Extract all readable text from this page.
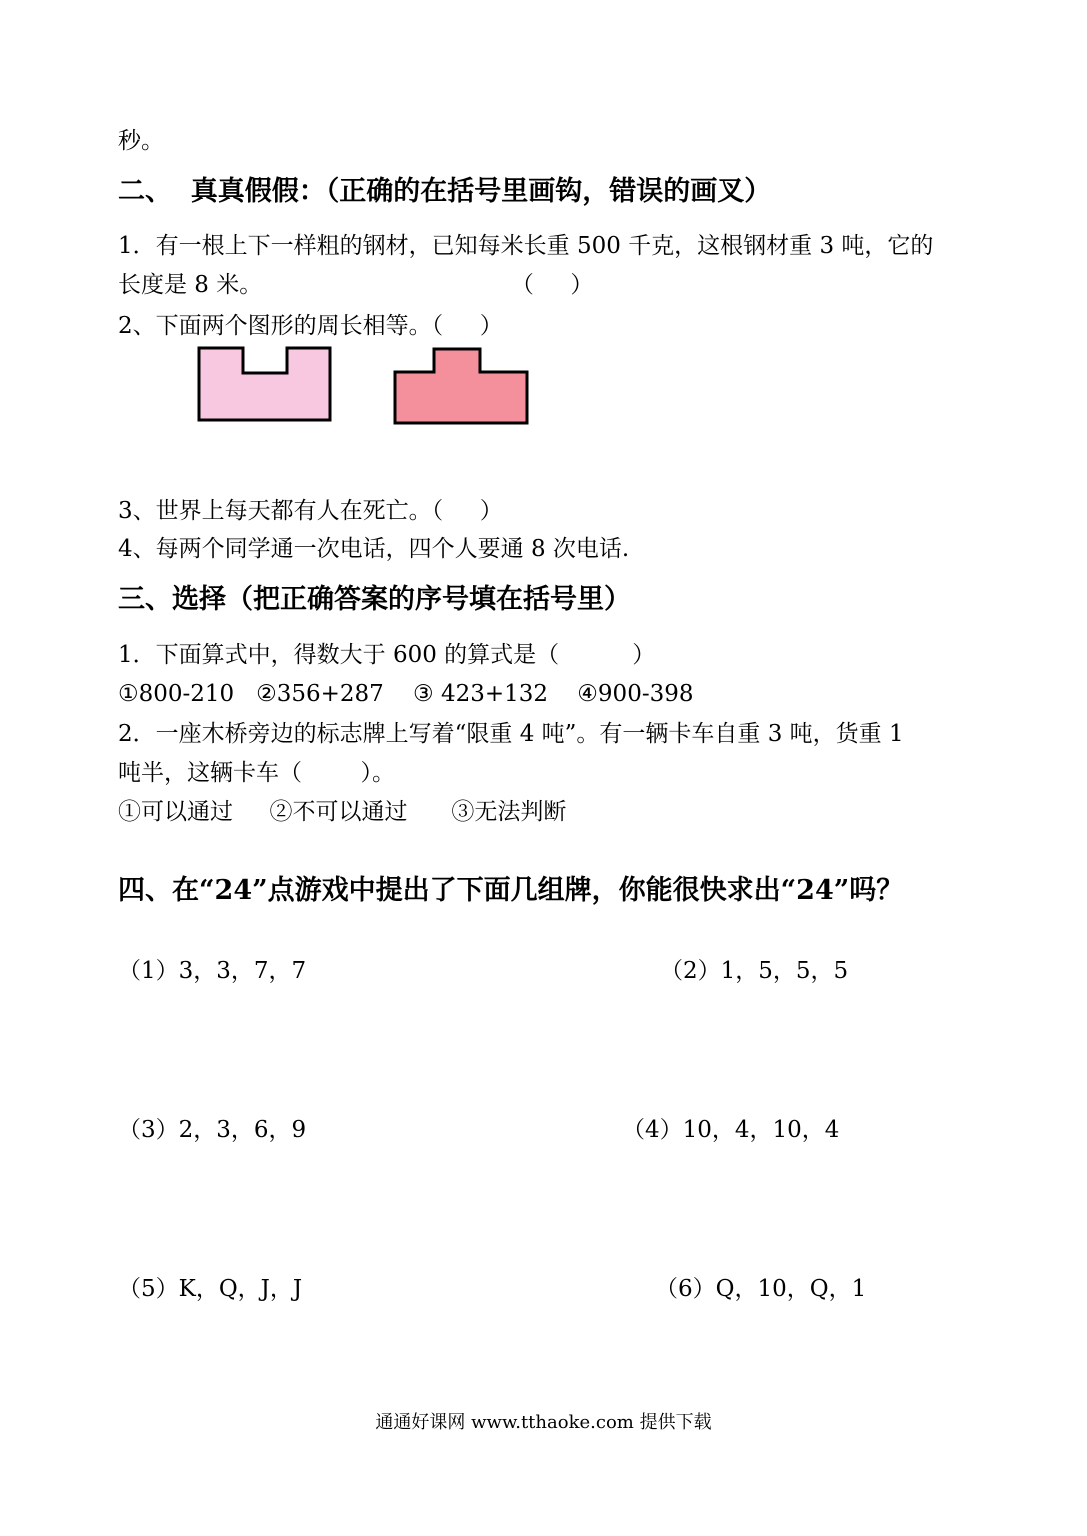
秒。
二、  真真假假：（正确的在括号里画钩，错误的画叉）
1．有一根上下一样粗的钢材，已知每米长重 500 千克，这根钢材重 3 吨，它的
长度是 8 米。                                  （     ）
2、下面两个图形的周长相等。（     ）
3、世界上每天都有人在死亡。（     ）
4、每两个同学通一次电话，四个人要通 8 次电话.
三、选择（把正确答案的序号填在括号里）
1．下面算式中，得数大于 600 的算式是（          ）
①800-210   ②356+287    ③ 423+132    ④900-398
2．一座木桥旁边的标志牌上写着“限重 4 吨”。有一辆卡车自重 3 吨，货重 1
吨半，这辆卡车（        ）。
①可以通过     ②不可以通过      ③无法判断
四、在“24”点游戏中提出了下面几组牌，你能很快求出“24”吗？
（1）3，3，7，7	（2）1，5，5，5
（3）2，3，6，9	（4）10，4，10，4
（5）K，Q，J，J	（6）Q，10，Q，1
通通好课网 www.tthaoke.com 提供下载
